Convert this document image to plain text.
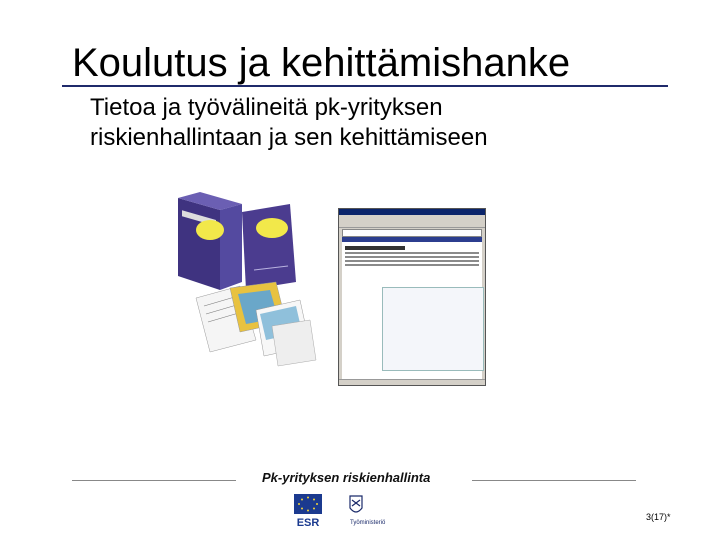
Koulutus ja kehittämishanke
Tietoa ja työvälineitä pk-yrityksen
riskienhallintaan ja sen kehittämiseen
Pk-yrityksen riskienhallinta
ESR	Työministeriö
3(17)*
